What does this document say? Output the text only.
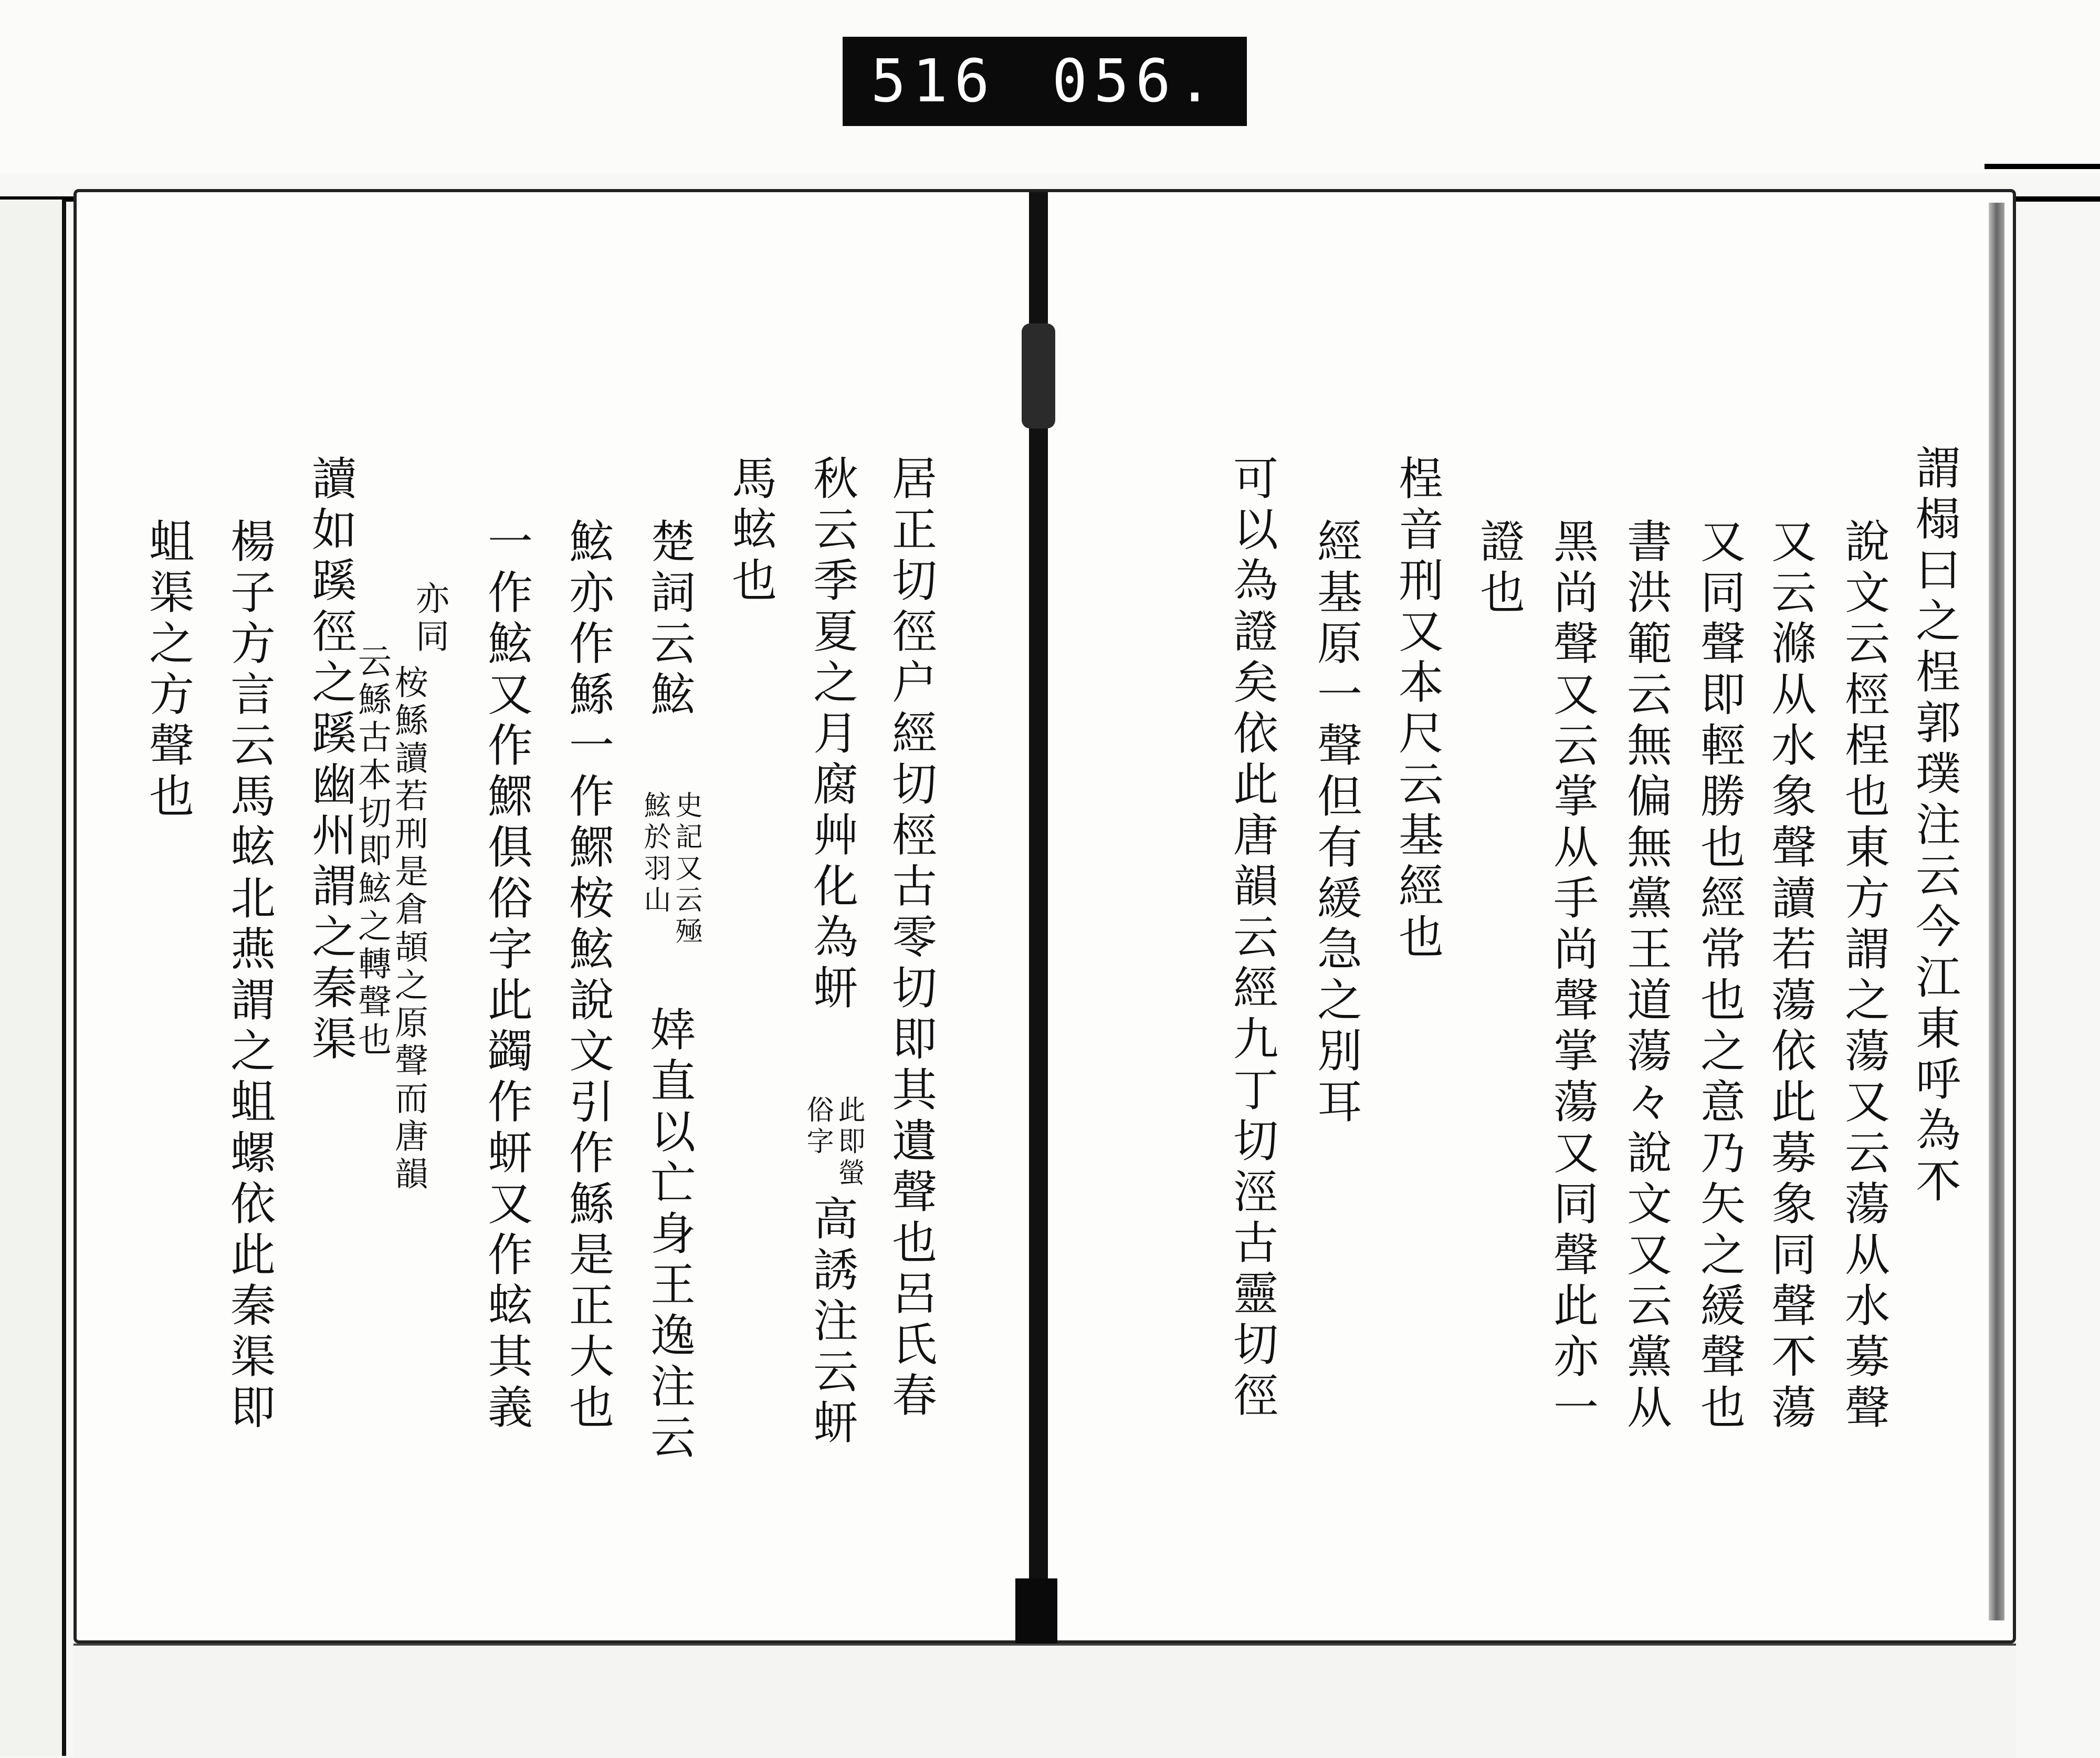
516 056.
謂榻曰之桯郭璞注云今江東呼為𣎴
說文云桱桯也東方謂之蕩又云蕩从水募聲
又云滌从水象聲讀若蕩依此募象同聲𣎴蕩
又同聲即輕勝也經常也之意乃矢之緩聲也
書洪範云無偏無黨王道蕩々說文又云黨从
黑尚聲又云掌从手尚聲掌蕩又同聲此亦一
證也
桯音刑又本尺云基經也
經基原一聲但有緩急之別耳
可以為證矣依此唐韻云經九丁切涇古靈切徑
居正切徑户經切桱古零切即其遺聲也呂氏春
秋云季夏之月腐艸化為蚈
此即螢
俗字
高誘注云蚈
馬蚿也
楚詞云鮌
史記又云殛
鮌於羽山
婞直以亡身王逸注云
鮌亦作鯀一作鰥桉鮌說文引作鯀是正大也
一作鮌又作鰥俱俗字此蠲作蚈又作蚿其義
亦同
桉鯀讀若刑是倉頡之原聲而唐韻
云鯀古本切即鮌之轉聲也
讀如蹊徑之蹊幽州謂之秦渠
楊子方言云馬蚿北燕謂之蛆螺依此秦渠即
蛆渠之方聲也
